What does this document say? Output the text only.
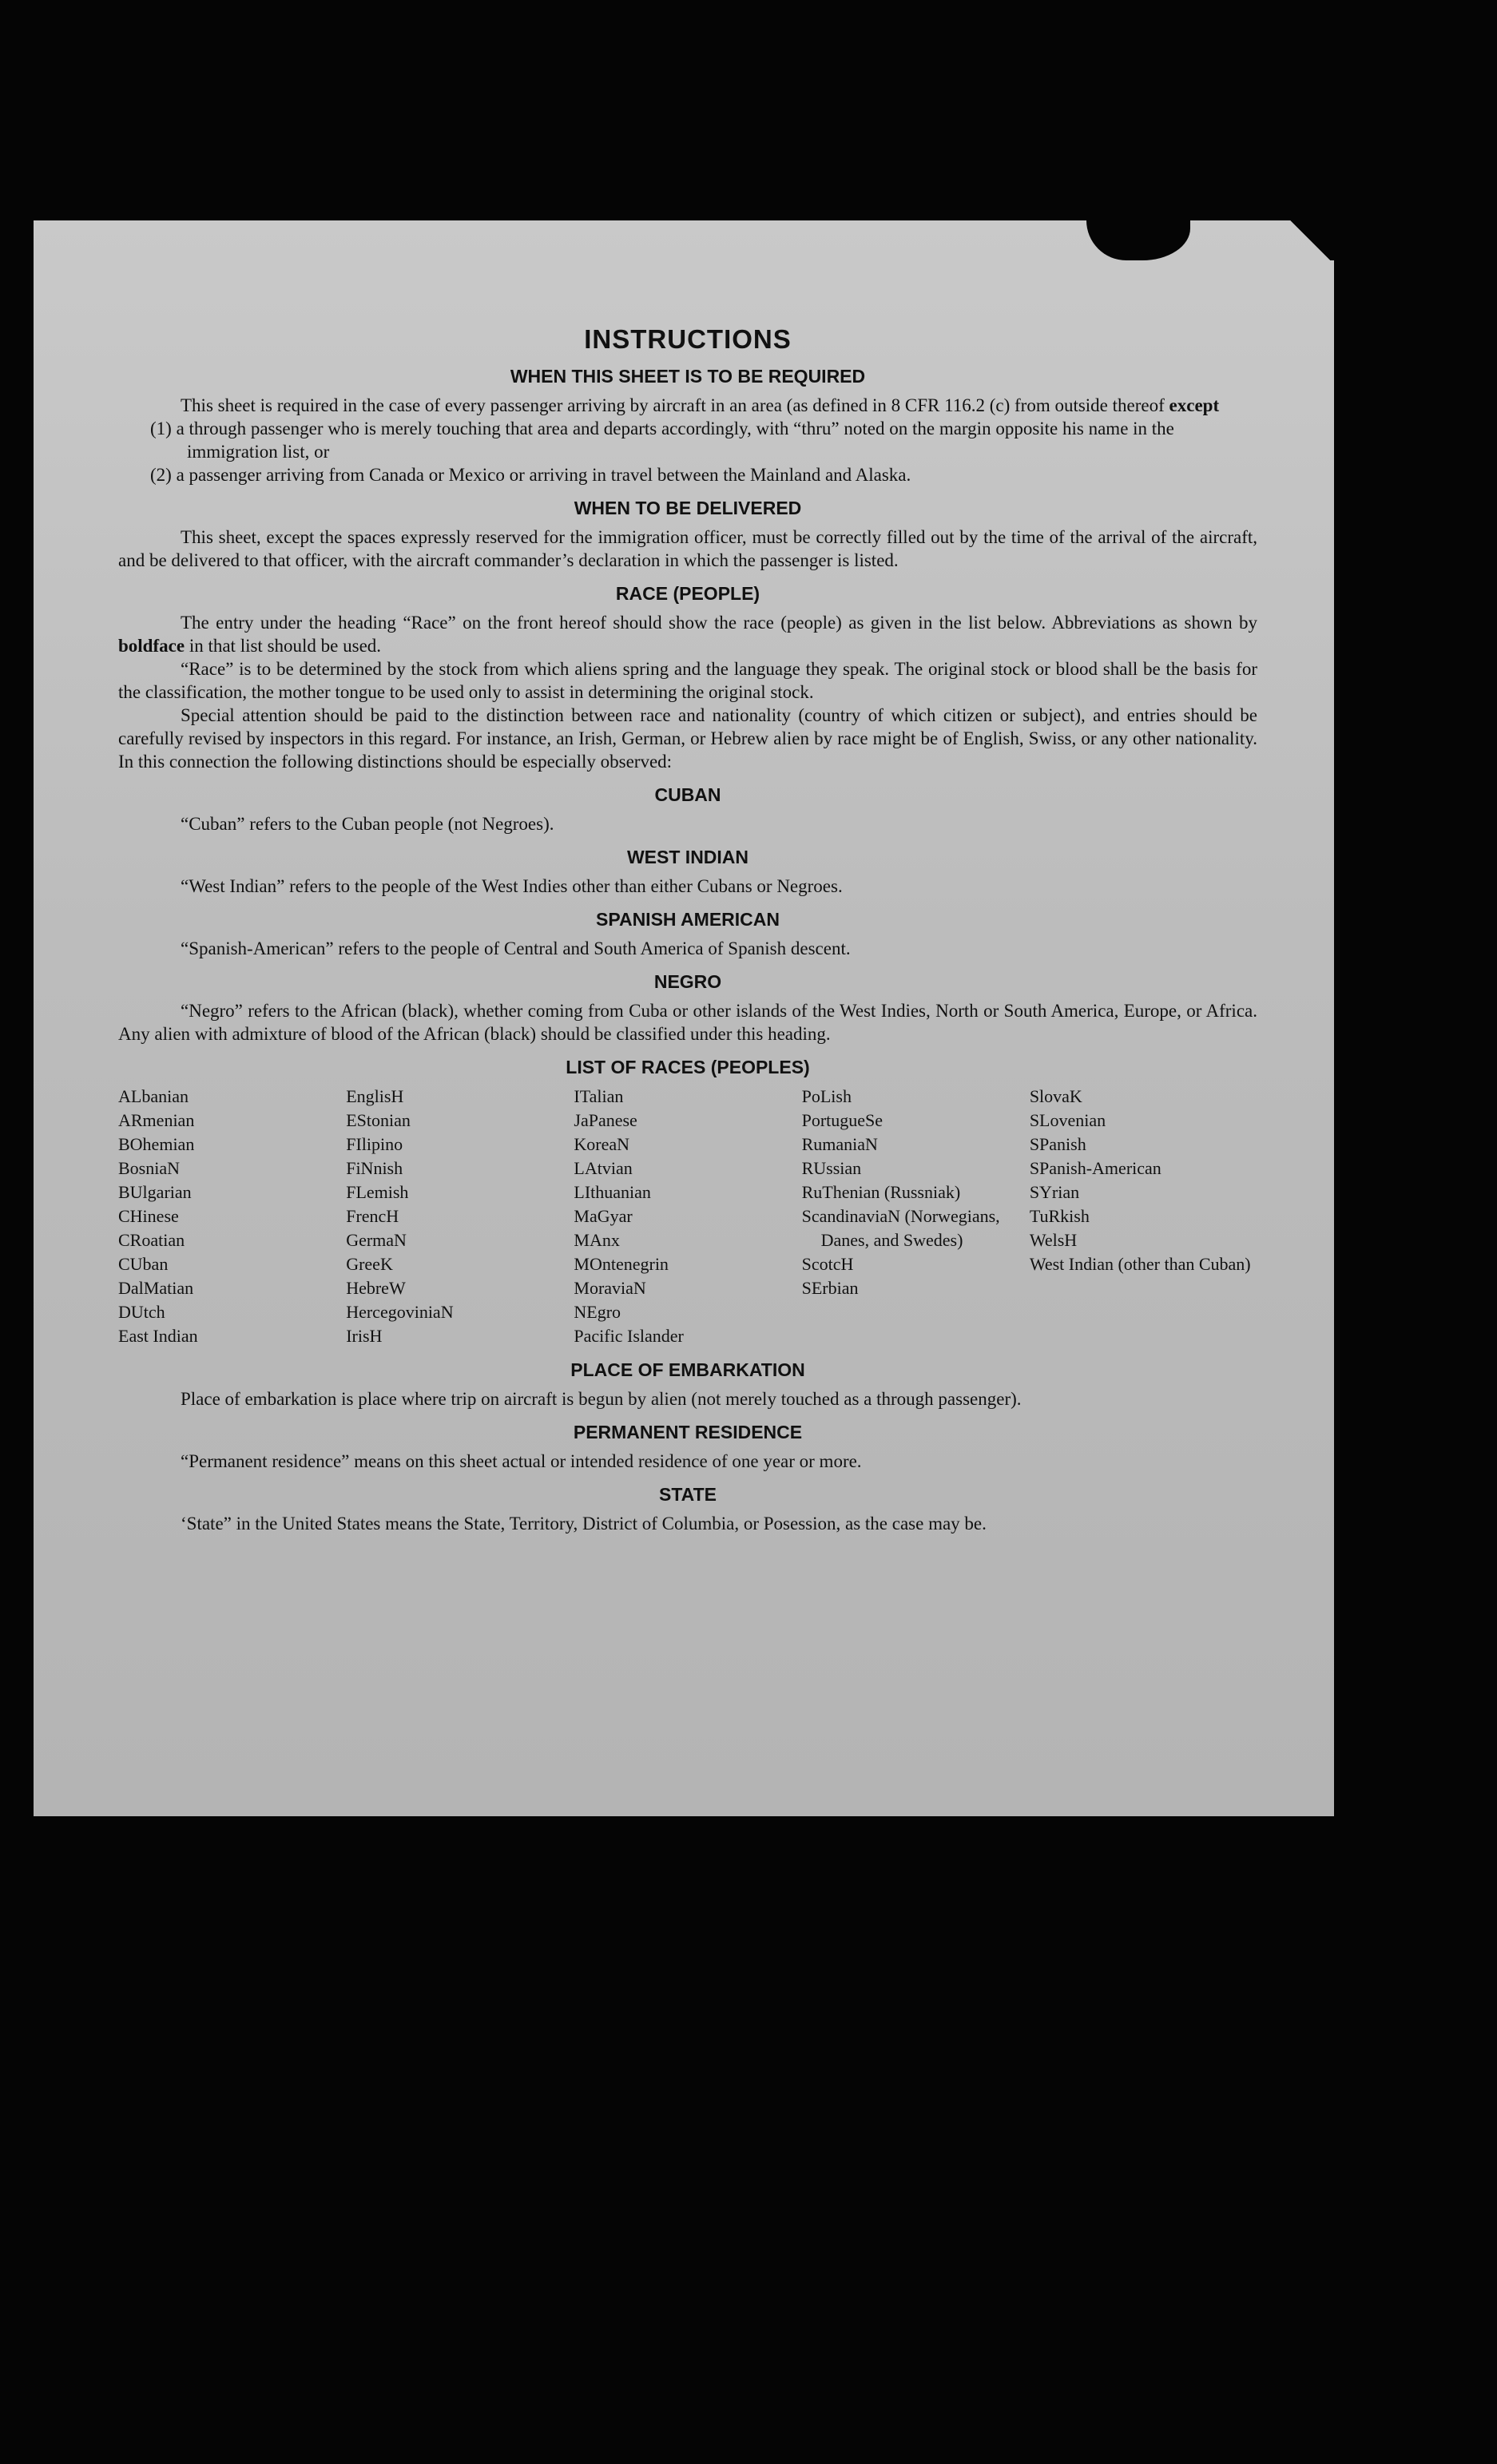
INSTRUCTIONS
WHEN THIS SHEET IS TO BE REQUIRED

This sheet is required in the case of every passenger arriving by aircraft in an area (as defined in 8 CFR 116.2 (c) from outside thereof except

(1) a through passenger who is merely touching that area and departs accordingly, with “thru” noted on the margin opposite his name in the immigration list, or
(2) a passenger arriving from Canada or Mexico or arriving in travel between the Mainland and Alaska.
WHEN TO BE DELIVERED

This sheet, except the spaces expressly reserved for the immigration officer, must be correctly filled out by the time of the arrival of the aircraft, and be delivered to that officer, with the aircraft commander’s declaration in which the passenger is listed.

RACE (PEOPLE)

The entry under the heading “Race” on the front hereof should show the race (people) as given in the list below. Abbreviations as shown by boldface in that list should be used.

“Race” is to be determined by the stock from which aliens spring and the language they speak. The original stock or blood shall be the basis for the classification, the mother tongue to be used only to assist in determining the original stock.

Special attention should be paid to the distinction between race and nationality (country of which citizen or subject), and entries should be carefully revised by inspectors in this regard. For instance, an Irish, German, or Hebrew alien by race might be of English, Swiss, or any other nationality. In this connection the following distinctions should be especially observed:

CUBAN

“Cuban” refers to the Cuban people (not Negroes).

WEST INDIAN

“West Indian” refers to the people of the West Indies other than either Cubans or Negroes.

SPANISH AMERICAN

“Spanish-American” refers to the people of Central and South America of Spanish descent.

NEGRO

“Negro” refers to the African (black), whether coming from Cuba or other islands of the West Indies, North or South America, Europe, or Africa. Any alien with admixture of blood of the African (black) should be classified under this heading.

LIST OF RACES (PEOPLES)
ALbanian
ARmenian
BOhemian
BosniaN
BUlgarian
CHinese
CRoatian
CUban
DalMatian
DUtch
East Indian
EnglisH
EStonian
FIlipino
FiNnish
FLemish
FrencH
GermaN
GreeK
HebreW
HercegoviniaN
IrisH
ITalian
JaPanese
KoreaN
LAtvian
LIthuanian
MaGyar
MAnx
MOntenegrin
MoraviaN
NEgro
Pacific Islander
PoLish
PortugueSe
RumaniaN
RUssian
RuThenian (Russniak)
ScandinaviaN (Norwegians, Danes, and Swedes)
ScotcH
SErbian
SlovaK
SLovenian
SPanish
SPanish-American
SYrian
TuRkish
WelsH
West Indian (other than Cuban)
PLACE OF EMBARKATION

Place of embarkation is place where trip on aircraft is begun by alien (not merely touched as a through passenger).

PERMANENT RESIDENCE

“Permanent residence” means on this sheet actual or intended residence of one year or more.

STATE

‘State” in the United States means the State, Territory, District of Columbia, or Posession, as the case may be.
